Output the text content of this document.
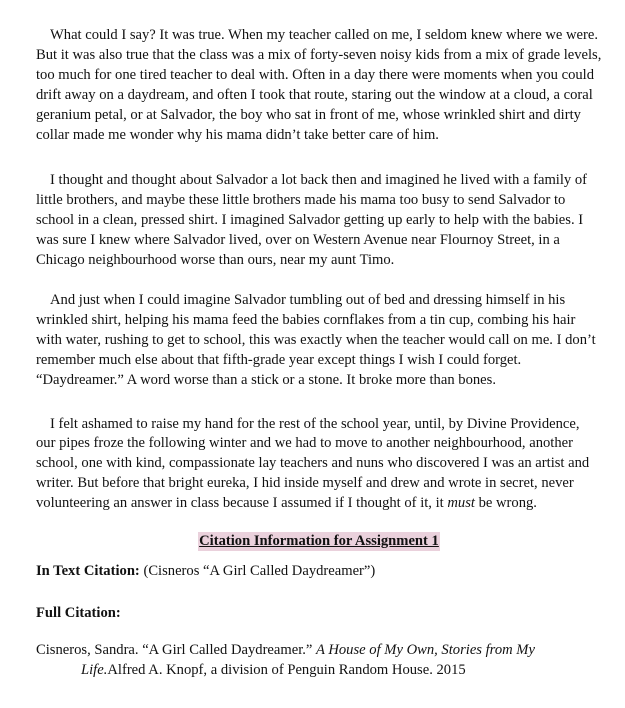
What could I say? It was true. When my teacher called on me, I seldom knew where we were. But it was also true that the class was a mix of forty-seven noisy kids from a mix of grade levels, too much for one tired teacher to deal with. Often in a day there were moments when you could drift away on a daydream, and often I took that route, staring out the window at a cloud, a coral geranium petal, or at Salvador, the boy who sat in front of me, whose wrinkled shirt and dirty collar made me wonder why his mama didn’t take better care of him.

I thought and thought about Salvador a lot back then and imagined he lived with a family of little brothers, and maybe these little brothers made his mama too busy to send Salvador to school in a clean, pressed shirt. I imagined Salvador getting up early to help with the babies. I was sure I knew where Salvador lived, over on Western Avenue near Flournoy Street, in a Chicago neighbourhood worse than ours, near my aunt Timo.

And just when I could imagine Salvador tumbling out of bed and dressing himself in his wrinkled shirt, helping his mama feed the babies cornflakes from a tin cup, combing his hair with water, rushing to get to school, this was exactly when the teacher would call on me. I don’t remember much else about that fifth-grade year except things I wish I could forget. “Daydreamer.” A word worse than a stick or a stone. It broke more than bones.

I felt ashamed to raise my hand for the rest of the school year, until, by Divine Providence, our pipes froze the following winter and we had to move to another neighbourhood, another school, one with kind, compassionate lay teachers and nuns who discovered I was an artist and writer. But before that bright eureka, I hid inside myself and drew and wrote in secret, never volunteering an answer in class because I assumed if I thought of it, it must be wrong.

Citation Information for Assignment 1

In Text Citation: (Cisneros “A Girl Called Daydreamer”)

Full Citation:

Cisneros, Sandra. “A Girl Called Daydreamer.” A House of My Own, Stories from My Life.Alfred A. Knopf, a division of Penguin Random House. 2015
